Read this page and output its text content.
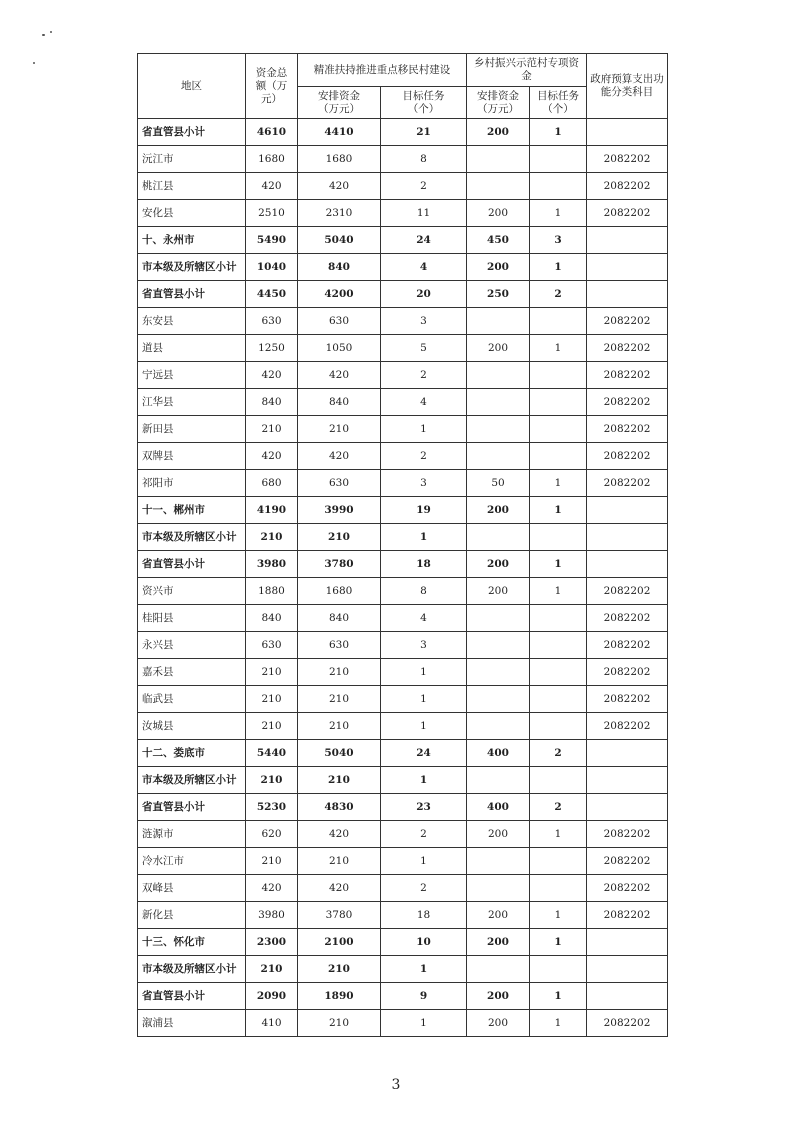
地区	资金总额（万元）	精准扶持推进重点移民村建设		乡村振兴示范村专项资金		政府预算支出功能分类科目
		安排资金（万元）	目标任务（个）	安排资金（万元）	目标任务（个）	
省直管县小计	4610	4410	21	200	1	
沅江市	1680	1680	8			2082202
桃江县	420	420	2			2082202
安化县	2510	2310	11	200	1	2082202
十、永州市	5490	5040	24	450	3	
市本级及所辖区小计	1040	840	4	200	1	
省直管县小计	4450	4200	20	250	2	
东安县	630	630	3			2082202
道县	1250	1050	5	200	1	2082202
宁远县	420	420	2			2082202
江华县	840	840	4			2082202
新田县	210	210	1			2082202
双牌县	420	420	2			2082202
祁阳市	680	630	3	50	1	2082202
十一、郴州市	4190	3990	19	200	1	
市本级及所辖区小计	210	210	1			
省直管县小计	3980	3780	18	200	1	
资兴市	1880	1680	8	200	1	2082202
桂阳县	840	840	4			2082202
永兴县	630	630	3			2082202
嘉禾县	210	210	1			2082202
临武县	210	210	1			2082202
汝城县	210	210	1			2082202
十二、娄底市	5440	5040	24	400	2	
市本级及所辖区小计	210	210	1			
省直管县小计	5230	4830	23	400	2	
涟源市	620	420	2	200	1	2082202
冷水江市	210	210	1			2082202
双峰县	420	420	2			2082202
新化县	3980	3780	18	200	1	2082202
十三、怀化市	2300	2100	10	200	1	
市本级及所辖区小计	210	210	1			
省直管县小计	2090	1890	9	200	1	
溆浦县	410	210	1	200	1	2082202
3
